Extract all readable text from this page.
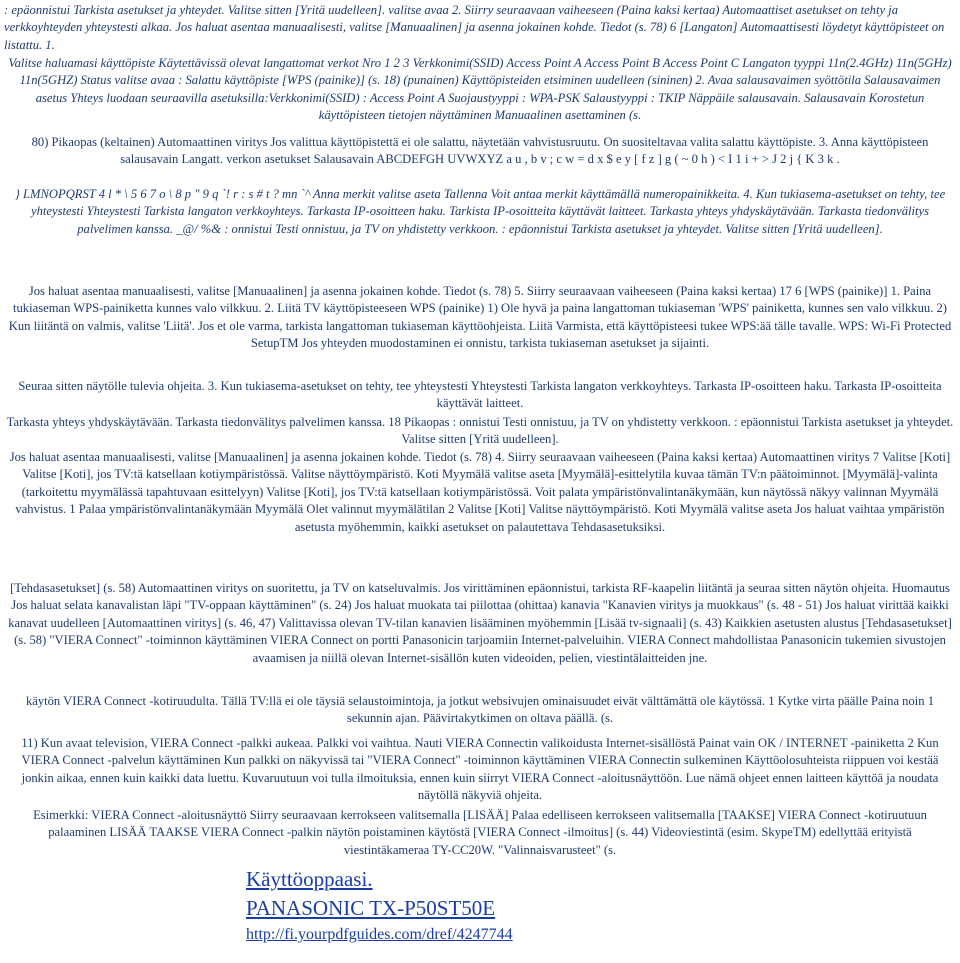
: epäonnistui Tarkista asetukset ja yhteydet. Valitse sitten [Yritä uudelleen]. valitse avaa 2. Siirry seuraavaan vaiheeseen (Paina kaksi kertaa) Automaattiset asetukset on tehty ja verkkoyhteyden yhteystesti alkaa. Jos haluat asentaa manuaalisesti, valitse [Manuaalinen] ja asenna jokainen kohde. Tiedot (s. 78) 6 [Langaton] Automaattisesti löydetyt käyttöpisteet on listattu. 1.

Valitse haluamasi käyttöpiste Käytettävissä olevat langattomat verkot Nro 1 2 3 Verkkonimi(SSID) Access Point A Access Point B Access Point C Langaton tyyppi 11n(2.4GHz) 11n(5GHz) 11n(5GHZ) Status valitse avaa : Salattu käyttöpiste [WPS (painike)] (s. 18) (punainen) Käyttöpisteiden etsiminen uudelleen (sininen) 2. Avaa salausavaimen syöttötila Salausavaimen asetus Yhteys luodaan seuraavilla asetuksilla:Verkkonimi(SSID) : Access Point A Suojaustyyppi : WPA-PSK Salaustyyppi : TKIP Näppäile salausavain. Salausavain Korostetun käyttöpisteen tietojen näyttäminen Manuaalinen asettaminen (s.

80) Pikaopas (keltainen) Automaattinen viritys Jos valittua käyttöpistettä ei ole salattu, näytetään vahvistusruutu. On suositeltavaa valita salattu käyttöpiste. 3. Anna käyttöpisteen salausavain Langatt. verkon asetukset Salausavain ABCDEFGH UVWXYZ a u , b v ; c w = d x $ e y [ f z ] g ( ~ 0 h ) < I 1 i + > J 2 j { K 3 k .

} LMNOPQRST 4 l * \ 5 6 7 o \ 8 p " 9 q `! r : s # t ? mn `^ Anna merkit valitse aseta Tallenna Voit antaa merkit käyttämällä numeropainikkeita. 4. Kun tukiasema-asetukset on tehty, tee yhteystesti Yhteystesti Tarkista langaton verkkoyhteys. Tarkasta IP-osoitteen haku. Tarkista IP-osoitteita käyttävät laitteet. Tarkasta yhteys yhdyskäytävään. Tarkasta tiedonvälitys palvelimen kanssa. _@/ %& : onnistui Testi onnistuu, ja TV on yhdistetty verkkoon. : epäonnistui Tarkista asetukset ja yhteydet. Valitse sitten [Yritä uudelleen].

Jos haluat asentaa manuaalisesti, valitse [Manuaalinen] ja asenna jokainen kohde. Tiedot (s. 78) 5. Siirry seuraavaan vaiheeseen (Paina kaksi kertaa) 17 6 [WPS (painike)] 1. Paina tukiaseman WPS-painiketta kunnes valo vilkkuu. 2. Liitä TV käyttöpisteeseen WPS (painike) 1) Ole hyvä ja paina langattoman tukiaseman 'WPS' painiketta, kunnes sen valo vilkkuu. 2) Kun liitäntä on valmis, valitse 'Liitä'. Jos et ole varma, tarkista langattoman tukiaseman käyttöohjeista. Liitä Varmista, että käyttöpisteesi tukee WPS:ää tälle tavalle. WPS: Wi-Fi Protected SetupTM Jos yhteyden muodostaminen ei onnistu, tarkista tukiaseman asetukset ja sijainti.

Seuraa sitten näytölle tulevia ohjeita. 3. Kun tukiasema-asetukset on tehty, tee yhteystesti Yhteystesti Tarkista langaton verkkoyhteys. Tarkasta IP-osoitteen haku. Tarkasta IP-osoitteita käyttävät laitteet.

Tarkasta yhteys yhdyskäytävään. Tarkasta tiedonvälitys palvelimen kanssa. 18 Pikaopas : onnistui Testi onnistuu, ja TV on yhdistetty verkkoon. : epäonnistui Tarkista asetukset ja yhteydet. Valitse sitten [Yritä uudelleen].

Jos haluat asentaa manuaalisesti, valitse [Manuaalinen] ja asenna jokainen kohde. Tiedot (s. 78) 4. Siirry seuraavaan vaiheeseen (Paina kaksi kertaa) Automaattinen viritys 7 Valitse [Koti] Valitse [Koti], jos TV:tä katsellaan kotiympäristössä. Valitse näyttöympäristö. Koti Myymälä valitse aseta [Myymälä]-esittelytila kuvaa tämän TV:n päätoiminnot. [Myymälä]-valinta (tarkoitettu myymälässä tapahtuvaan esittelyyn) Valitse [Koti], jos TV:tä katsellaan kotiympäristössä. Voit palata ympäristönvalintanäkymään, kun näytössä näkyy valinnan Myymälä vahvistus. 1 Palaa ympäristönvalintanäkymään Myymälä Olet valinnut myymälätilan 2 Valitse [Koti] Valitse näyttöympäristö. Koti Myymälä valitse aseta Jos haluat vaihtaa ympäristön asetusta myöhemmin, kaikki asetukset on palautettava Tehdasasetuksiksi.

[Tehdasasetukset] (s. 58) Automaattinen viritys on suoritettu, ja TV on katseluvalmis. Jos virittäminen epäonnistui, tarkista RF-kaapelin liitäntä ja seuraa sitten näytön ohjeita. Huomautus Jos haluat selata kanavalistan läpi "TV-oppaan käyttäminen" (s. 24) Jos haluat muokata tai piilottaa (ohittaa) kanavia "Kanavien viritys ja muokkaus" (s. 48 - 51) Jos haluat virittää kaikki kanavat uudelleen [Automaattinen viritys] (s. 46, 47) Valittavissa olevan TV-tilan kanavien lisääminen myöhemmin [Lisää tv-signaali] (s. 43) Kaikkien asetusten alustus [Tehdasasetukset] (s. 58) "VIERA Connect" -toiminnon käyttäminen VIERA Connect on portti Panasonicin tarjoamiin Internet-palveluihin. VIERA Connect mahdollistaa Panasonicin tukemien sivustojen avaamisen ja niillä olevan Internet-sisällön kuten videoiden, pelien, viestintälaitteiden jne.

käytön VIERA Connect -kotiruudulta. Tällä TV:llä ei ole täysiä selaustoimintoja, ja jotkut websivujen ominaisuudet eivät välttämättä ole käytössä. 1 Kytke virta päälle Paina noin 1 sekunnin ajan. Päävirtakytkimen on oltava päällä. (s.

11) Kun avaat television, VIERA Connect -palkki aukeaa. Palkki voi vaihtua. Nauti VIERA Connectin valikoidusta Internet-sisällöstä Painat vain OK / INTERNET -painiketta 2 Kun VIERA Connect -palvelun käyttäminen Kun palkki on näkyvissä tai "VIERA Connect" -toiminnon käyttäminen VIERA Connectin sulkeminen Käyttöolosuhteista riippuen voi kestää jonkin aikaa, ennen kuin kaikki data luettu. Kuvaruutuun voi tulla ilmoituksia, ennen kuin siirryt VIERA Connect -aloitusnäyttöön. Lue nämä ohjeet ennen laitteen käyttöä ja noudata näytöllä näkyviä ohjeita.

Esimerkki: VIERA Connect -aloitusnäyttö Siirry seuraavaan kerrokseen valitsemalla [LISÄÄ] Palaa edelliseen kerrokseen valitsemalla [TAAKSE] VIERA Connect -kotiruutuun palaaminen LISÄÄ TAAKSE VIERA Connect -palkin näytön poistaminen käytöstä [VIERA Connect -ilmoitus] (s. 44) Videoviestintä (esim. SkypeTM) edellyttää erityistä viestintäkameraa TY-CC20W. "Valinnaisvarusteet" (s.

Käyttöoppaasi.
PANASONIC TX-P50ST50E
http://fi.yourpdfguides.com/dref/4247744
